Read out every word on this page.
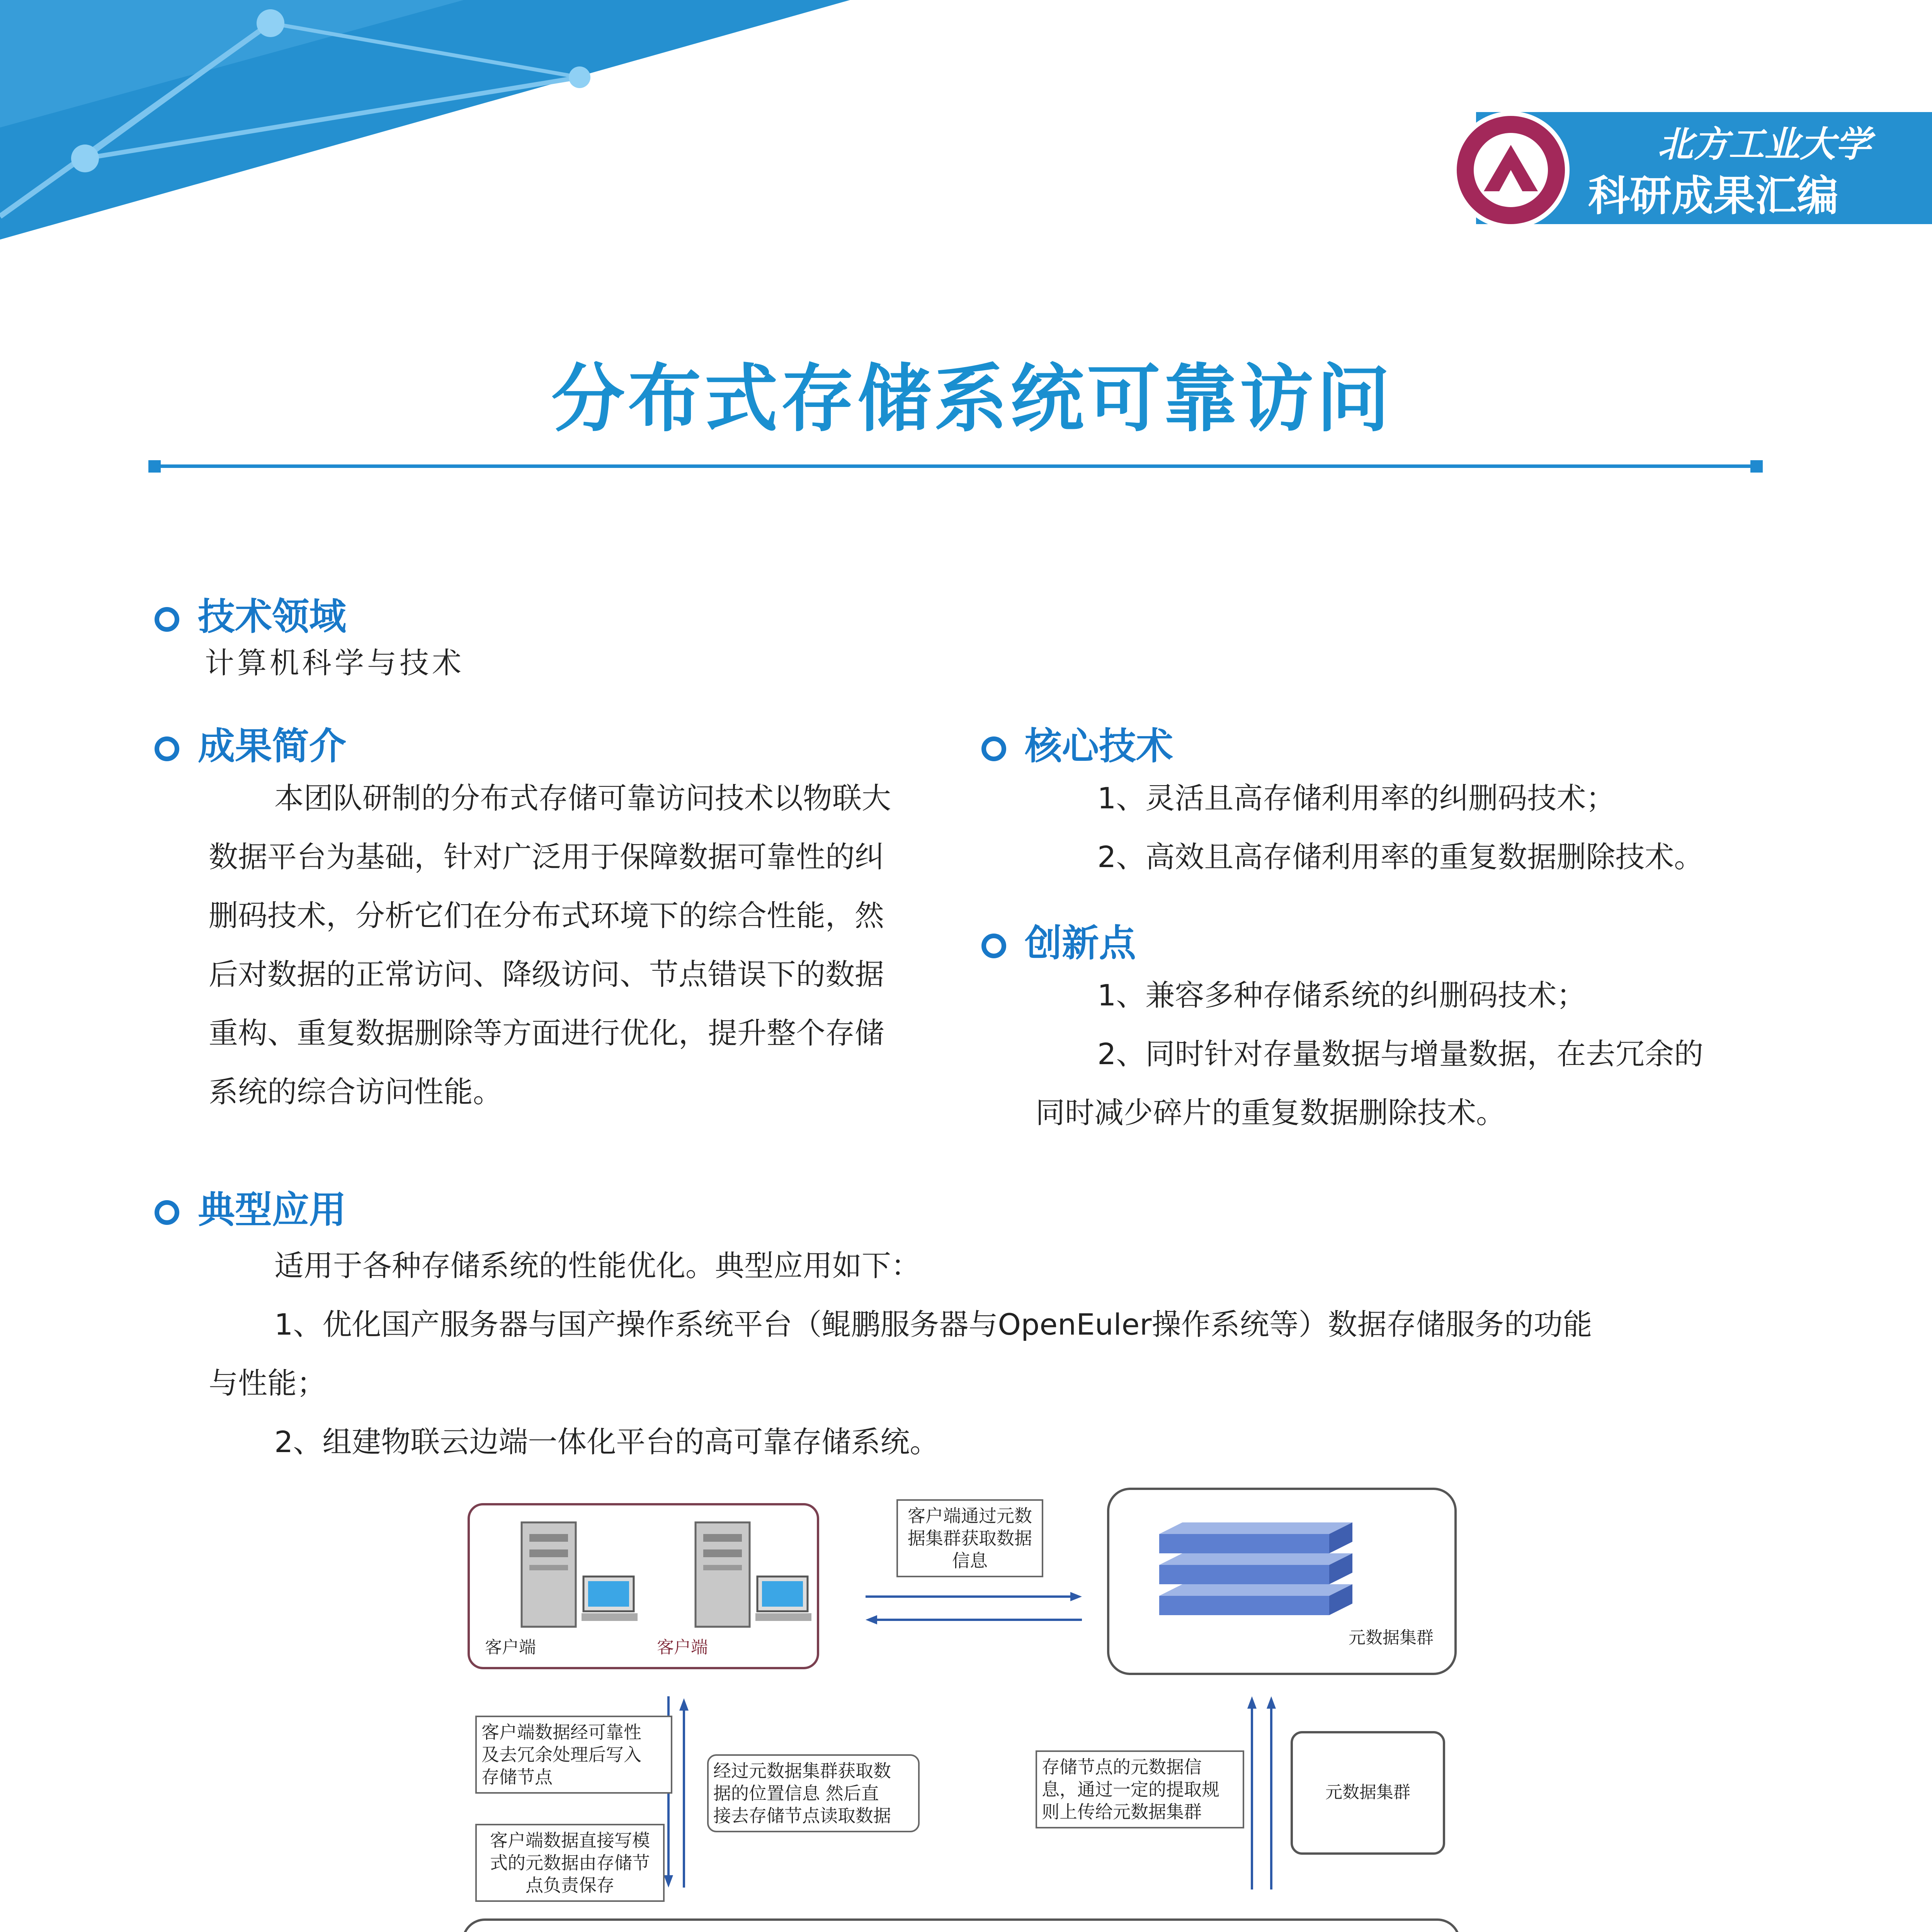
北方工业大学
科研成果汇编
分布式存储系统可靠访问
技术领域
计算机科学与技术
成果简介
本团队研制的分布式存储可靠访问技术以物联大
数据平台为基础，针对广泛用于保障数据可靠性的纠
删码技术，分析它们在分布式环境下的综合性能，然
后对数据的正常访问、降级访问、节点错误下的数据
重构、重复数据删除等方面进行优化，提升整个存储
系统的综合访问性能。
核心技术
1、灵活且高存储利用率的纠删码技术；
2、高效且高存储利用率的重复数据删除技术。
创新点
1、兼容多种存储系统的纠删码技术；
2、同时针对存量数据与增量数据，在去冗余的
同时减少碎片的重复数据删除技术。
典型应用
适用于各种存储系统的性能优化。典型应用如下：
1、优化国产服务器与国产操作系统平台（鲲鹏服务器与OpenEuler操作系统等）数据存储服务的功能
与性能；
2、组建物联云边端一体化平台的高可靠存储系统。
客户端	客户端
客户端通过元数
据集群获取数据
信息
元数据集群
元数据集群
客户端数据经可靠性
及去冗余处理后写入
存储节点
客户端数据直接写模
式的元数据由存储节
点负责保存
经过元数据集群获取数
据的位置信息 然后直
接去存储节点读取数据
存储节点的元数据信
息，通过一定的提取规
则上传给元数据集群
